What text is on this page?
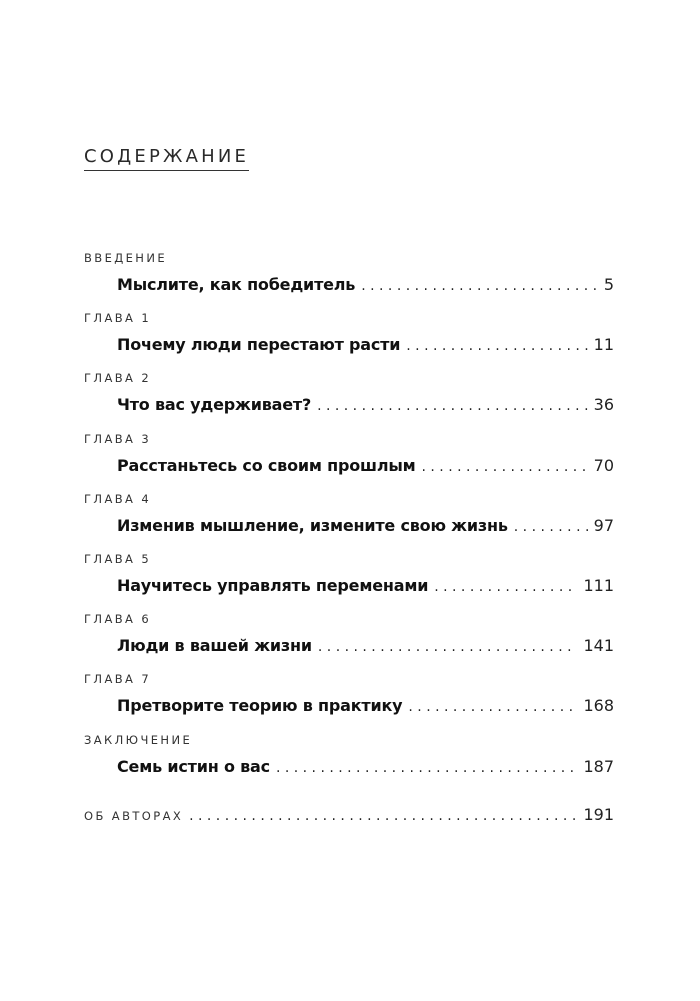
СОДЕРЖАНИЕ
ВВЕДЕНИЕ
Мыслите, как победитель . . .	5
ГЛАВА 1
Почему люди перестают расти . . .	11
ГЛАВА 2
Что вас удерживает? . . .	36
ГЛАВА 3
Расстаньтесь со своим прошлым . . .	70
ГЛАВА 4
Изменив мышление, измените свою жизнь . . .	97
ГЛАВА 5
Научитесь управлять переменами . . .	111
ГЛАВА 6
Люди в вашей жизни . . .	141
ГЛАВА 7
Претворите теорию в практику . . .	168
ЗАКЛЮЧЕНИЕ
Семь истин о вас . . .	187
ОБ АВТОРАХ . . .	191
